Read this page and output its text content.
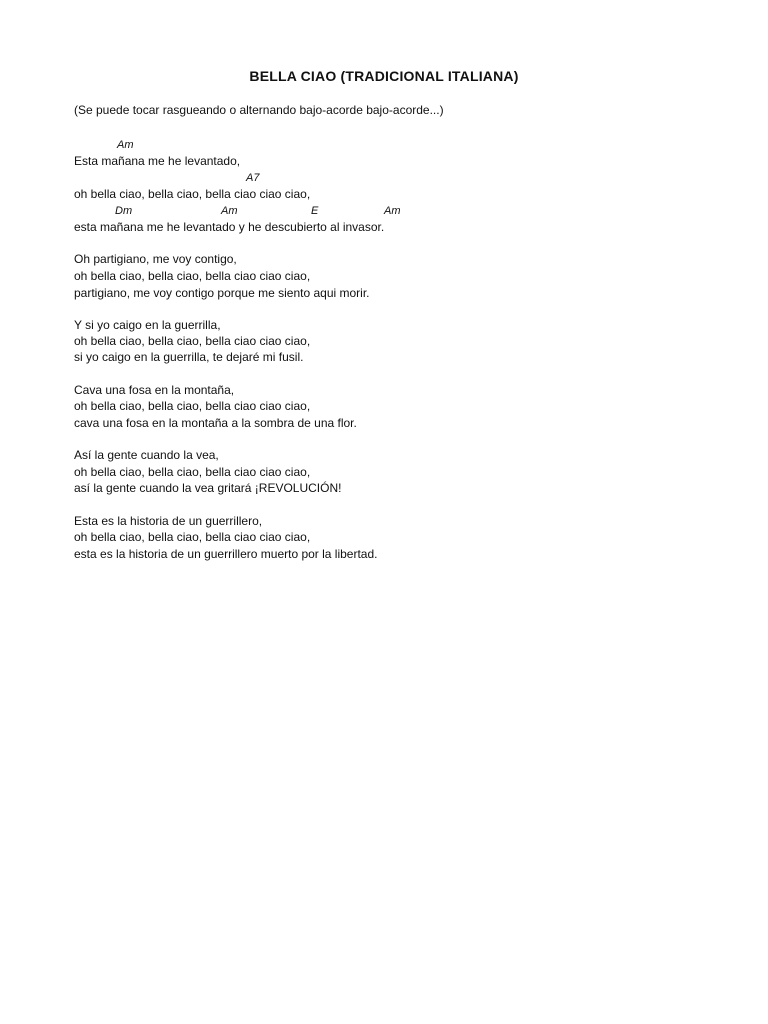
BELLA CIAO (TRADICIONAL ITALIANA)
(Se puede tocar rasgueando o alternando bajo-acorde bajo-acorde...)
Am
A7
Dm	Am	E	Am
Esta mañana me he levantado,
oh bella ciao, bella ciao, bella ciao ciao ciao,
esta mañana me he levantado y he descubierto al invasor.
Oh partigiano, me voy contigo,
oh bella ciao, bella ciao, bella ciao ciao ciao,
partigiano, me voy contigo porque me siento aqui morir.
Y si yo caigo en la guerrilla,
oh bella ciao, bella ciao, bella ciao ciao ciao,
si yo caigo en la guerrilla, te dejaré mi fusil.
Cava una fosa en la montaña,
oh bella ciao, bella ciao, bella ciao ciao ciao,
cava una fosa en la montaña a la sombra de una flor.
Así la gente cuando la vea,
oh bella ciao, bella ciao, bella ciao ciao ciao,
así la gente cuando la vea gritará ¡REVOLUCIÓN!
Esta es la historia de un guerrillero,
oh bella ciao, bella ciao, bella ciao ciao ciao,
esta es la historia de un guerrillero muerto por la libertad.
